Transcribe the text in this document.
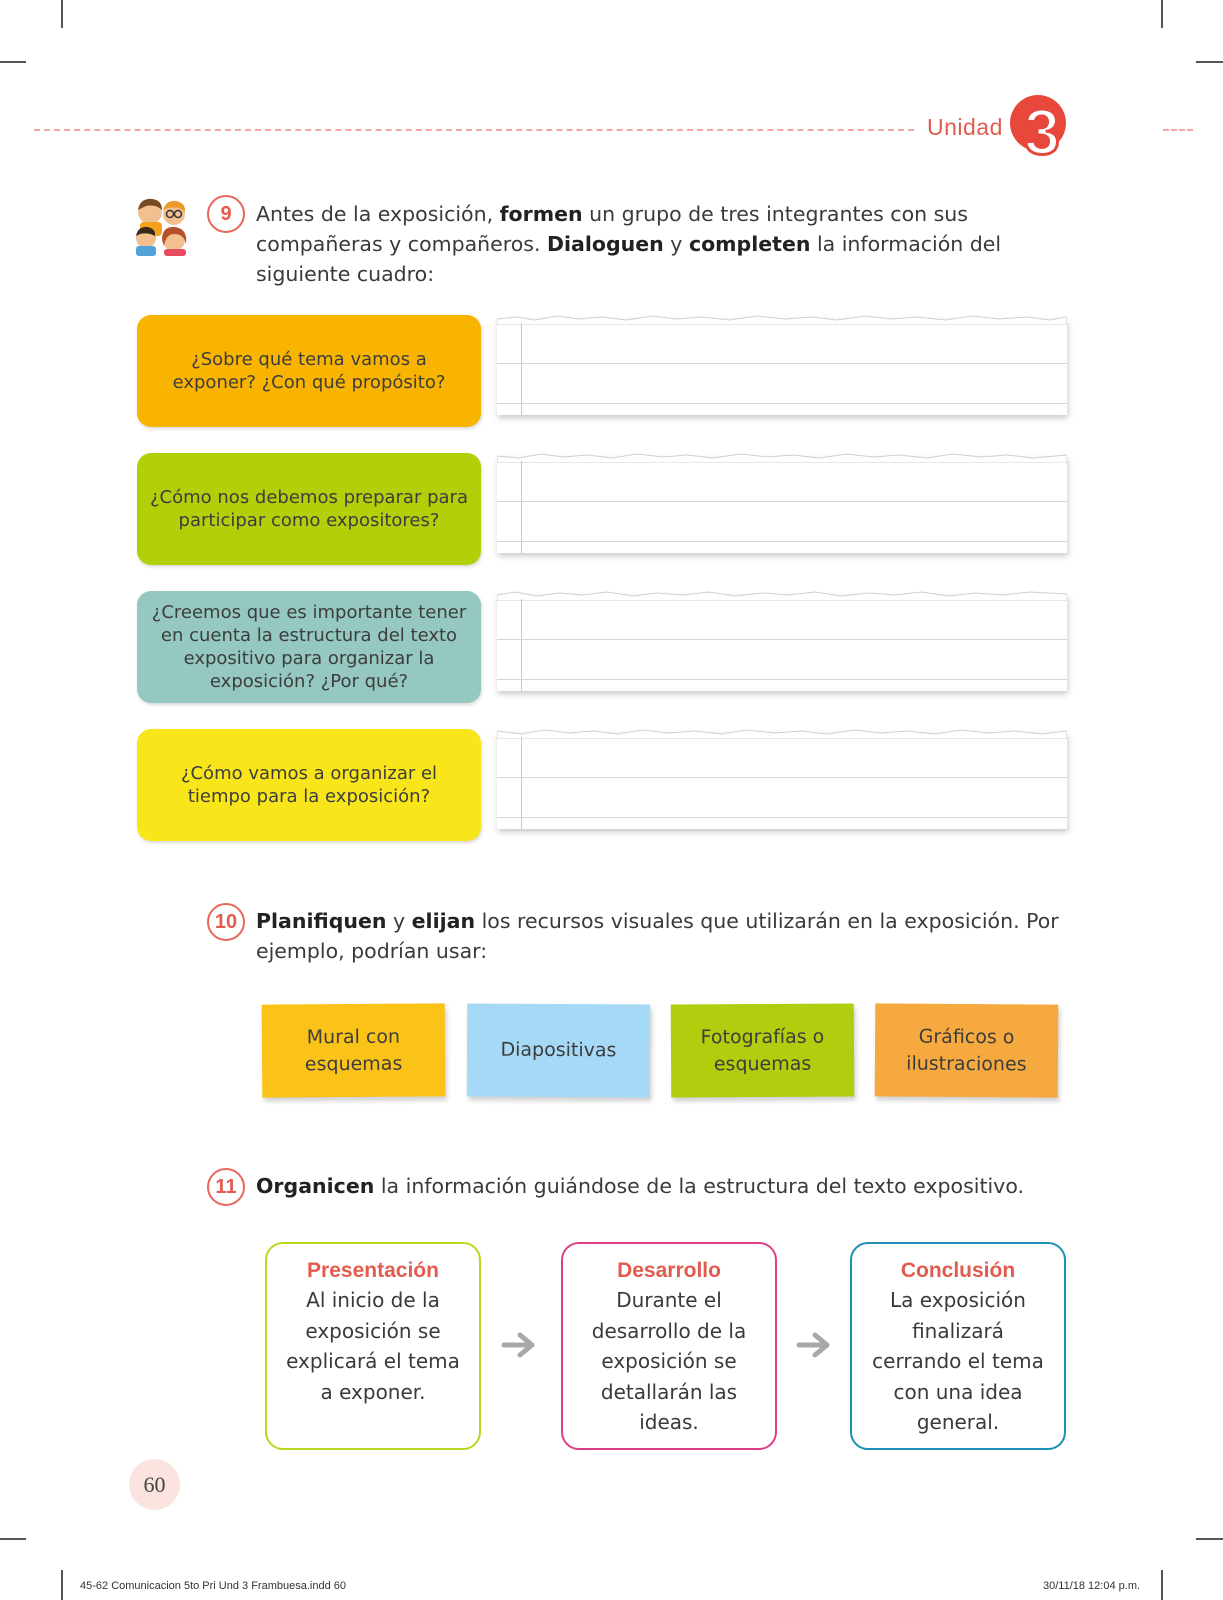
Unidad 3
9	Antes de la exposición, formen un grupo de tres integrantes con sus
compañeras y compañeros. Dialoguen y completen la información del
siguiente cuadro:
¿Sobre qué tema vamos a exponer? ¿Con qué propósito?
¿Cómo nos debemos preparar para participar como expositores?
¿Creemos que es importante tener en cuenta la estructura del texto expositivo para organizar la exposición? ¿Por qué?
¿Cómo vamos a organizar el tiempo para la exposición?
10 Planifiquen y elijan los recursos visuales que utilizarán en la exposición. Por
ejemplo, podrían usar:
Mural con
esquemas
Diapositivas
Fotografías o
esquemas
Gráficos o
ilustraciones
11 Organicen la información guiándose de la estructura del texto expositivo.
Presentación
Al inicio de la
exposición se
explicará el tema
a exponer.
Desarrollo
Durante el
desarrollo de la
exposición se
detallarán las
ideas.
Conclusión
La exposición
finalizará
cerrando el tema
con una idea
general.
60
45-62 Comunicacion 5to Pri Und 3 Frambuesa.indd 60	30/11/18 12:04 p.m.
